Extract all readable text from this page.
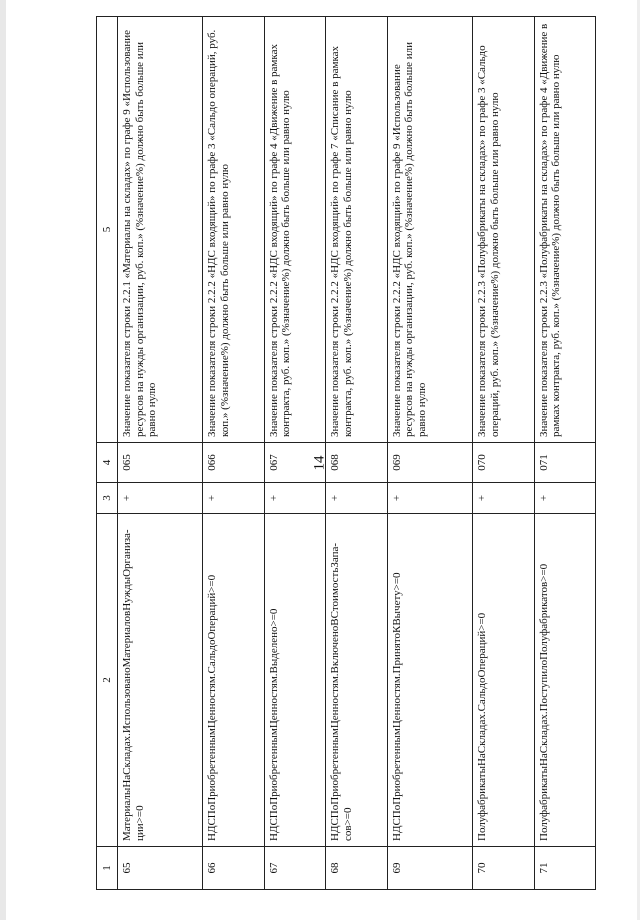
14
1	2	3	4	5
65	МатериалыНаСкладах.ИспользованоМатериаловНуждыОрганиза-ции>=0	+	065	Значение показателя строки 2.2.1 «Материалы на складах» по графе 9 «Использование ресурсов на нужды организации, руб. коп.» (%значение%) должно быть больше или равно нулю
66	НДСПоПриобретеннымЦенностям.СальдоОпераций>=0	+	066	Значение показателя строки 2.2.2 «НДС входящий» по графе 3 «Сальдо операций, руб. коп.» (%значение%) должно быть больше или равно нулю
67	НДСПоПриобретеннымЦенностям.Выделено>=0	+	067	Значение показателя строки 2.2.2 «НДС входящий» по графе 4 «Движение в рамках контракта, руб. коп.» (%значение%) должно быть больше или равно нулю
68	НДСПоПриобретеннымЦенностям.ВключеноВСтоимостьЗапа-сов>=0	+	068	Значение показателя строки 2.2.2 «НДС входящий» по графе 7 «Списание в рамках контракта, руб. коп.» (%значение%) должно быть больше или равно нулю
69	НДСПоПриобретеннымЦенностям.ПринятоКВычету>=0	+	069	Значение показателя строки 2.2.2 «НДС входящий» по графе 9 «Использование ресурсов на нужды организации, руб. коп.» (%значение%) должно быть больше или равно нулю
70	ПолуфабрикатыНаСкладах.СальдоОпераций>=0	+	070	Значение показателя строки 2.2.3 «Полуфабрикаты на складах» по графе 3 «Сальдо операций, руб. коп.» (%значение%) должно быть больше или равно нулю
71	ПолуфабрикатыНаСкладах.ПоступилоПолуфабрикатов>=0	+	071	Значение показателя строки 2.2.3 «Полуфабрикаты на складах» по графе 4 «Движение в рамках контракта, руб. коп.» (%значение%) должно быть больше или равно нулю
